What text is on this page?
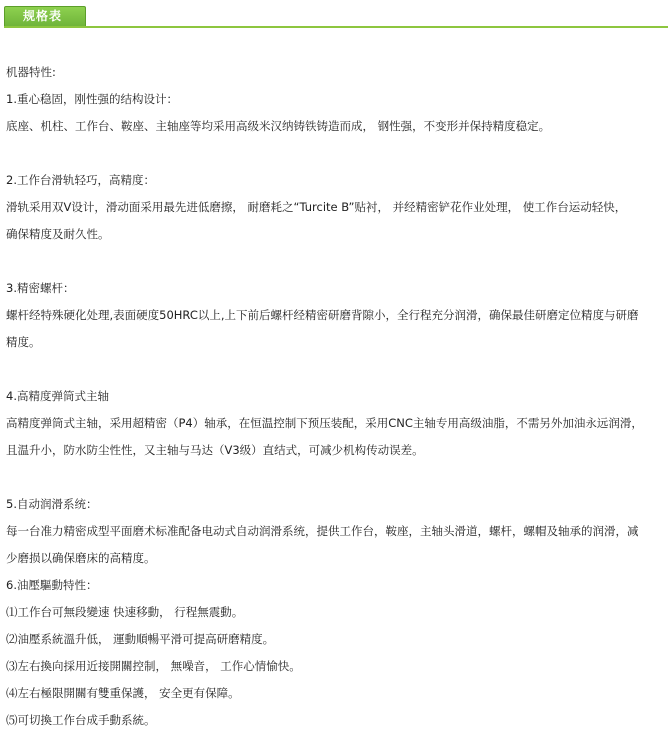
规格表
机器特性:
1.重心稳固，刚性强的结构设计：
底座、机柱、工作台、鞍座、主轴座等均采用高级米汉纳铸铁铸造而成， 钢性强，不变形并保持精度稳定。
2.工作台滑轨轻巧，高精度：
滑轨采用双V设计，滑动面采用最先进低磨擦， 耐磨耗之“Turcite B”贴衬， 并经精密铲花作业处理， 使工作台运动轻快，
确保精度及耐久性。
3.精密螺杆：
螺杆经特殊硬化处理,表面硬度50HRC以上,上下前后螺杆经精密研磨背隙小，全行程充分润滑，确保最佳研磨定位精度与研磨
精度。
4.高精度弹筒式主轴
高精度弹筒式主轴，采用超精密（P4）轴承，在恒温控制下预压装配，采用CNC主轴专用高级油脂，不需另外加油永远润滑，
且温升小，防水防尘性性，又主轴与马达（V3级）直结式，可减少机构传动误差。
5.自动润滑系统：
每一台准力精密成型平面磨术标准配备电动式自动润滑系统，提供工作台，鞍座，主轴头滑道，螺杆，螺帽及轴承的润滑，减
少磨损以确保磨床的高精度。
6.油壓驅動特性：
⑴工作台可無段變速 快速移動， 行程無震動。
⑵油壓系統溫升低， 運動順暢平滑可提高研磨精度。
⑶左右換向採用近接開關控制， 無噪音， 工作心情愉快。
⑷左右極限開關有雙重保護， 安全更有保障。
⑸可切換工作台成手動系統。
